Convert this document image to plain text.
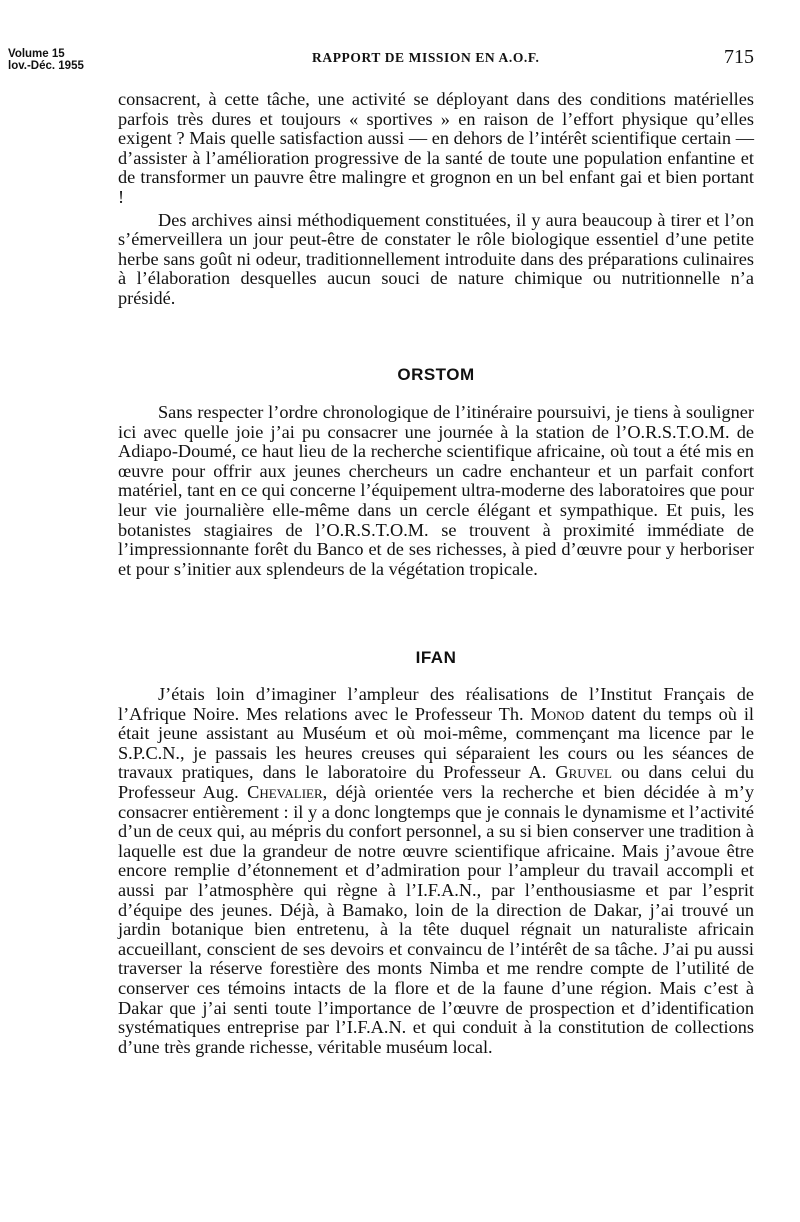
Volume 15
lov.-Déc. 1955
RAPPORT DE MISSION EN A.O.F.	715

consacrent, à cette tâche, une activité se déployant dans des conditions matérielles parfois très dures et toujours « sportives » en raison de l’effort physique qu’elles exigent ? Mais quelle satisfaction aussi — en dehors de l’intérêt scientifique certain — d’assister à l’amélioration progressive de la santé de toute une population enfantine et de transformer un pauvre être malingre et grognon en un bel enfant gai et bien portant !

Des archives ainsi méthodiquement constituées, il y aura beaucoup à tirer et l’on s’émerveillera un jour peut-être de constater le rôle biologique essentiel d’une petite herbe sans goût ni odeur, traditionnellement introduite dans des préparations culinaires à l’élaboration desquelles aucun souci de nature chimique ou nutritionnelle n’a présidé.

ORSTOM

Sans respecter l’ordre chronologique de l’itinéraire poursuivi, je tiens à souligner ici avec quelle joie j’ai pu consacrer une journée à la station de l’O.R.S.T.O.M. de Adiapo-Doumé, ce haut lieu de la recherche scientifique africaine, où tout a été mis en œuvre pour offrir aux jeunes chercheurs un cadre enchanteur et un parfait confort matériel, tant en ce qui concerne l’équipement ultra-moderne des laboratoires que pour leur vie journalière elle-même dans un cercle élégant et sympathique. Et puis, les botanistes stagiaires de l’O.R.S.T.O.M. se trouvent à proximité immédiate de l’impressionnante forêt du Banco et de ses richesses, à pied d’œuvre pour y herboriser et pour s’initier aux splendeurs de la végétation tropicale.

IFAN

J’étais loin d’imaginer l’ampleur des réalisations de l’Institut Français de l’Afrique Noire. Mes relations avec le Professeur Th. Monod datent du temps où il était jeune assistant au Muséum et où moi-même, commençant ma licence par le S.P.C.N., je passais les heures creuses qui séparaient les cours ou les séances de travaux pratiques, dans le laboratoire du Professeur A. Gruvel ou dans celui du Professeur Aug. Chevalier, déjà orientée vers la recherche et bien décidée à m’y consacrer entièrement : il y a donc longtemps que je connais le dynamisme et l’activité d’un de ceux qui, au mépris du confort personnel, a su si bien conserver une tradition à laquelle est due la grandeur de notre œuvre scientifique africaine. Mais j’avoue être encore remplie d’étonnement et d’admiration pour l’ampleur du travail accompli et aussi par l’atmosphère qui règne à l’I.F.A.N., par l’enthousiasme et par l’esprit d’équipe des jeunes. Déjà, à Bamako, loin de la direction de Dakar, j’ai trouvé un jardin botanique bien entretenu, à la tête duquel régnait un naturaliste africain accueillant, conscient de ses devoirs et convaincu de l’intérêt de sa tâche. J’ai pu aussi traverser la réserve forestière des monts Nimba et me rendre compte de l’utilité de conserver ces témoins intacts de la flore et de la faune d’une région. Mais c’est à Dakar que j’ai senti toute l’importance de l’œuvre de prospection et d’identification systématiques entreprise par l’I.F.A.N. et qui conduit à la constitution de collections d’une très grande richesse, véritable muséum local.
